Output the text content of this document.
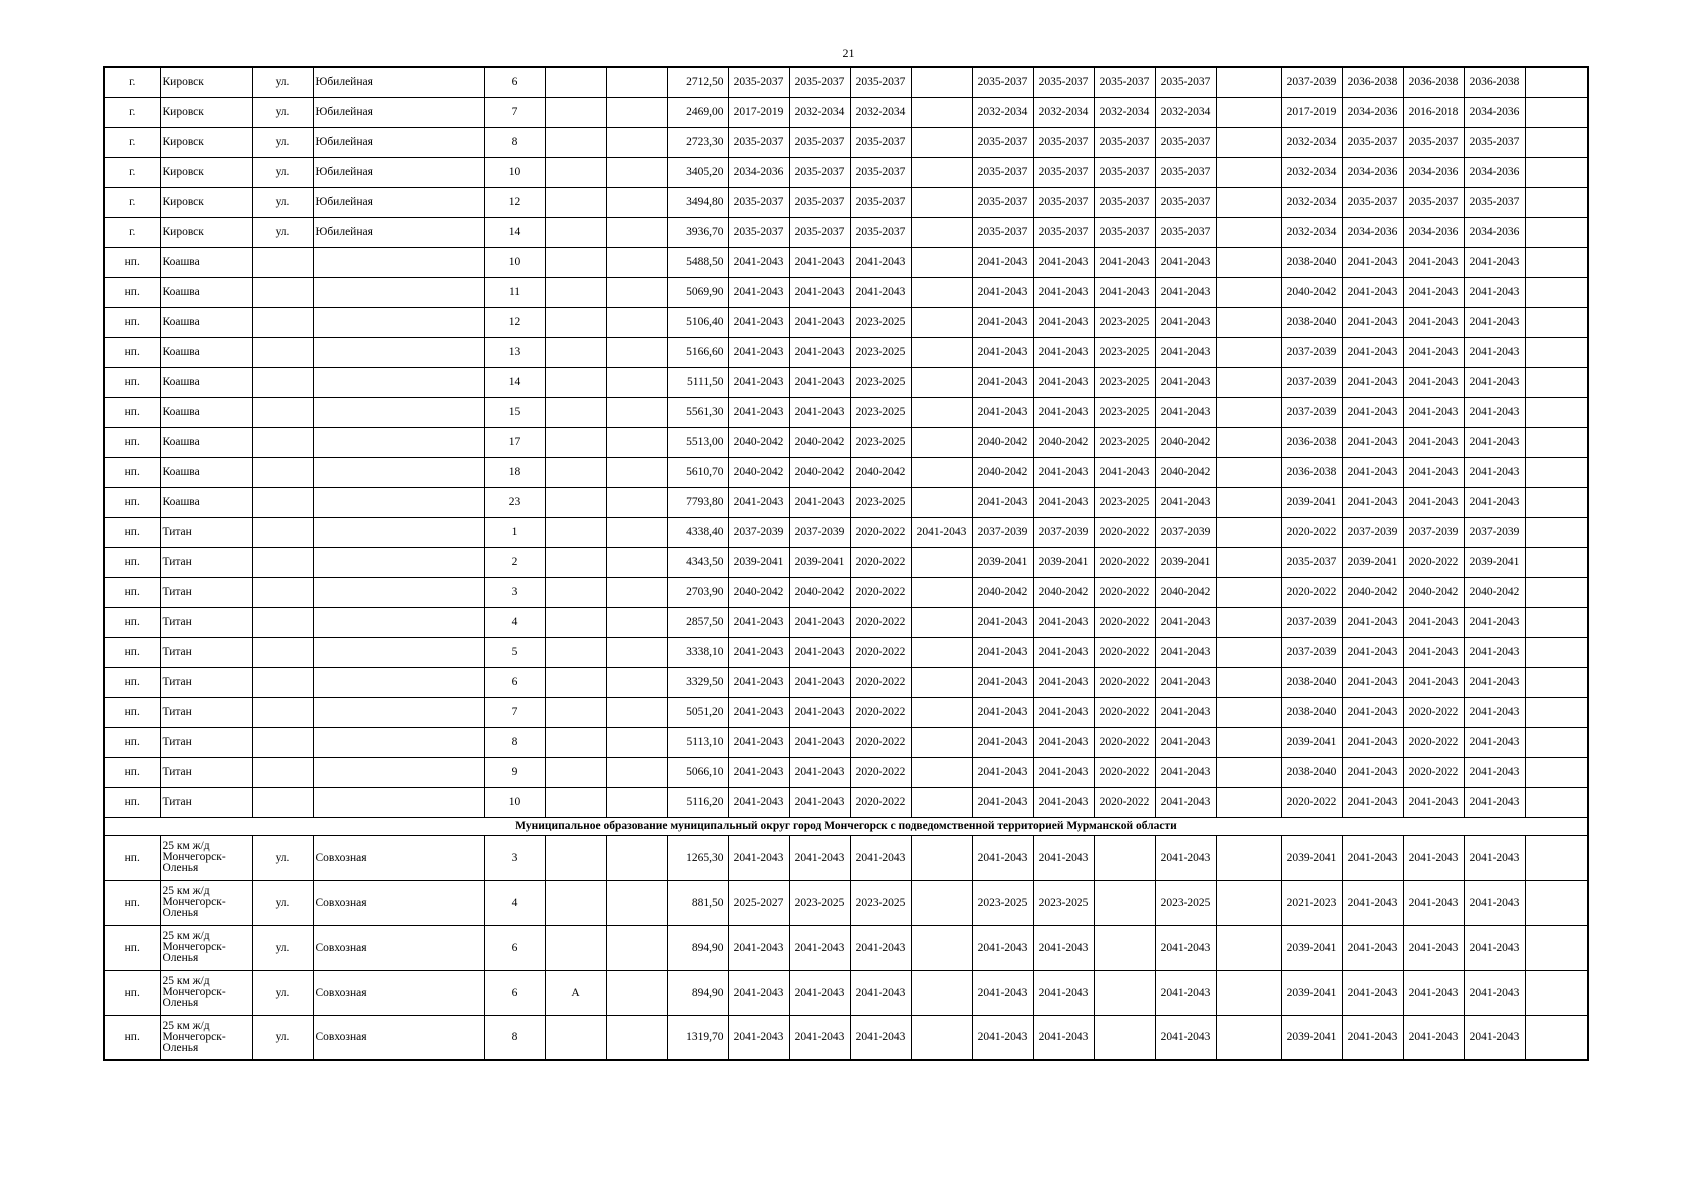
21
г.	Кировск	ул.	Юбилейная	6			2712,50	2035-2037	2035-2037	2035-2037		2035-2037	2035-2037	2035-2037	2035-2037		2037-2039	2036-2038	2036-2038	2036-2038	
г.	Кировск	ул.	Юбилейная	7			2469,00	2017-2019	2032-2034	2032-2034		2032-2034	2032-2034	2032-2034	2032-2034		2017-2019	2034-2036	2016-2018	2034-2036	
г.	Кировск	ул.	Юбилейная	8			2723,30	2035-2037	2035-2037	2035-2037		2035-2037	2035-2037	2035-2037	2035-2037		2032-2034	2035-2037	2035-2037	2035-2037	
г.	Кировск	ул.	Юбилейная	10			3405,20	2034-2036	2035-2037	2035-2037		2035-2037	2035-2037	2035-2037	2035-2037		2032-2034	2034-2036	2034-2036	2034-2036	
г.	Кировск	ул.	Юбилейная	12			3494,80	2035-2037	2035-2037	2035-2037		2035-2037	2035-2037	2035-2037	2035-2037		2032-2034	2035-2037	2035-2037	2035-2037	
г.	Кировск	ул.	Юбилейная	14			3936,70	2035-2037	2035-2037	2035-2037		2035-2037	2035-2037	2035-2037	2035-2037		2032-2034	2034-2036	2034-2036	2034-2036	
нп.	Коашва			10			5488,50	2041-2043	2041-2043	2041-2043		2041-2043	2041-2043	2041-2043	2041-2043		2038-2040	2041-2043	2041-2043	2041-2043	
нп.	Коашва			11			5069,90	2041-2043	2041-2043	2041-2043		2041-2043	2041-2043	2041-2043	2041-2043		2040-2042	2041-2043	2041-2043	2041-2043	
нп.	Коашва			12			5106,40	2041-2043	2041-2043	2023-2025		2041-2043	2041-2043	2023-2025	2041-2043		2038-2040	2041-2043	2041-2043	2041-2043	
нп.	Коашва			13			5166,60	2041-2043	2041-2043	2023-2025		2041-2043	2041-2043	2023-2025	2041-2043		2037-2039	2041-2043	2041-2043	2041-2043	
нп.	Коашва			14			5111,50	2041-2043	2041-2043	2023-2025		2041-2043	2041-2043	2023-2025	2041-2043		2037-2039	2041-2043	2041-2043	2041-2043	
нп.	Коашва			15			5561,30	2041-2043	2041-2043	2023-2025		2041-2043	2041-2043	2023-2025	2041-2043		2037-2039	2041-2043	2041-2043	2041-2043	
нп.	Коашва			17			5513,00	2040-2042	2040-2042	2023-2025		2040-2042	2040-2042	2023-2025	2040-2042		2036-2038	2041-2043	2041-2043	2041-2043	
нп.	Коашва			18			5610,70	2040-2042	2040-2042	2040-2042		2040-2042	2041-2043	2041-2043	2040-2042		2036-2038	2041-2043	2041-2043	2041-2043	
нп.	Коашва			23			7793,80	2041-2043	2041-2043	2023-2025		2041-2043	2041-2043	2023-2025	2041-2043		2039-2041	2041-2043	2041-2043	2041-2043	
нп.	Титан			1			4338,40	2037-2039	2037-2039	2020-2022	2041-2043	2037-2039	2037-2039	2020-2022	2037-2039		2020-2022	2037-2039	2037-2039	2037-2039	
нп.	Титан			2			4343,50	2039-2041	2039-2041	2020-2022		2039-2041	2039-2041	2020-2022	2039-2041		2035-2037	2039-2041	2020-2022	2039-2041	
нп.	Титан			3			2703,90	2040-2042	2040-2042	2020-2022		2040-2042	2040-2042	2020-2022	2040-2042		2020-2022	2040-2042	2040-2042	2040-2042	
нп.	Титан			4			2857,50	2041-2043	2041-2043	2020-2022		2041-2043	2041-2043	2020-2022	2041-2043		2037-2039	2041-2043	2041-2043	2041-2043	
нп.	Титан			5			3338,10	2041-2043	2041-2043	2020-2022		2041-2043	2041-2043	2020-2022	2041-2043		2037-2039	2041-2043	2041-2043	2041-2043	
нп.	Титан			6			3329,50	2041-2043	2041-2043	2020-2022		2041-2043	2041-2043	2020-2022	2041-2043		2038-2040	2041-2043	2041-2043	2041-2043	
нп.	Титан			7			5051,20	2041-2043	2041-2043	2020-2022		2041-2043	2041-2043	2020-2022	2041-2043		2038-2040	2041-2043	2020-2022	2041-2043	
нп.	Титан			8			5113,10	2041-2043	2041-2043	2020-2022		2041-2043	2041-2043	2020-2022	2041-2043		2039-2041	2041-2043	2020-2022	2041-2043	
нп.	Титан			9			5066,10	2041-2043	2041-2043	2020-2022		2041-2043	2041-2043	2020-2022	2041-2043		2038-2040	2041-2043	2020-2022	2041-2043	
нп.	Титан			10			5116,20	2041-2043	2041-2043	2020-2022		2041-2043	2041-2043	2020-2022	2041-2043		2020-2022	2041-2043	2041-2043	2041-2043	
Муниципальное образование муниципальный округ город Мончегорск с подведомственной территорией Мурманской области																					
нп.	25 км ж/д Мончегорск-Оленья	ул.	Совхозная	3			1265,30	2041-2043	2041-2043	2041-2043		2041-2043	2041-2043		2041-2043		2039-2041	2041-2043	2041-2043	2041-2043	
нп.	25 км ж/д Мончегорск-Оленья	ул.	Совхозная	4			881,50	2025-2027	2023-2025	2023-2025		2023-2025	2023-2025		2023-2025		2021-2023	2041-2043	2041-2043	2041-2043	
нп.	25 км ж/д Мончегорск-Оленья	ул.	Совхозная	6			894,90	2041-2043	2041-2043	2041-2043		2041-2043	2041-2043		2041-2043		2039-2041	2041-2043	2041-2043	2041-2043	
нп.	25 км ж/д Мончегорск-Оленья	ул.	Совхозная	6	А		894,90	2041-2043	2041-2043	2041-2043		2041-2043	2041-2043		2041-2043		2039-2041	2041-2043	2041-2043	2041-2043	
нп.	25 км ж/д Мончегорск-Оленья	ул.	Совхозная	8			1319,70	2041-2043	2041-2043	2041-2043		2041-2043	2041-2043		2041-2043		2039-2041	2041-2043	2041-2043	2041-2043	
